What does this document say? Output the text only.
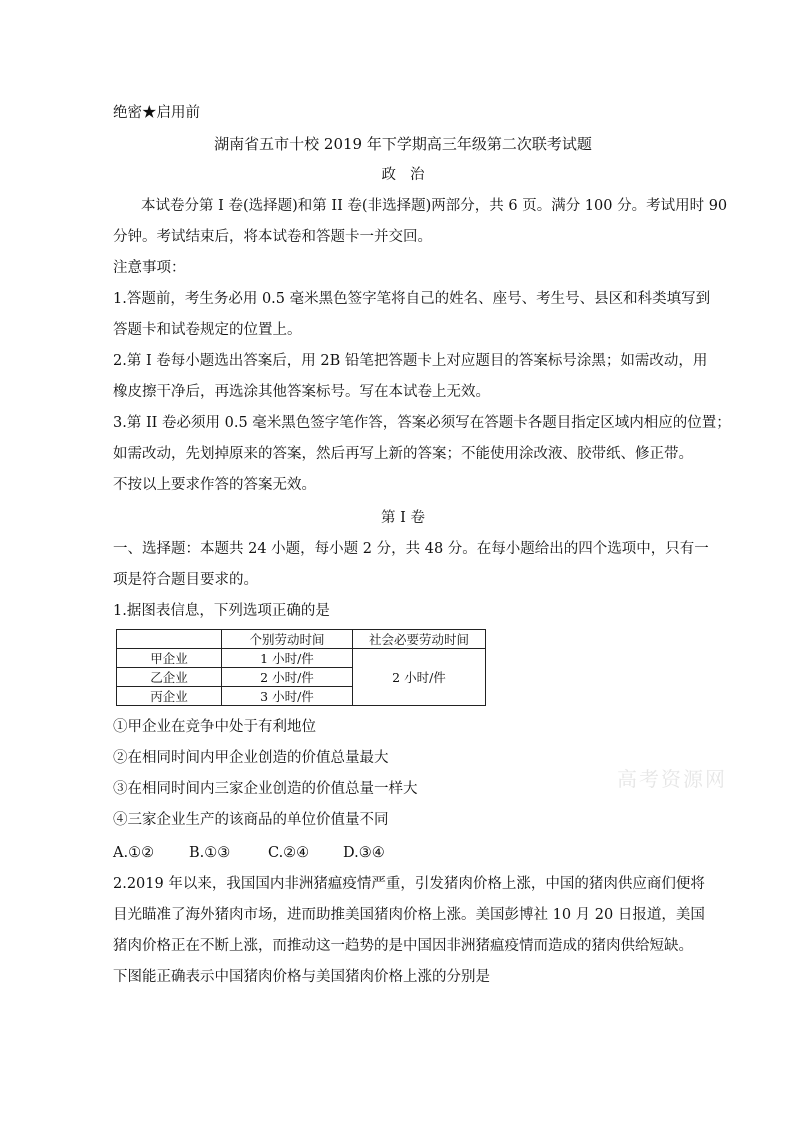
绝密★启用前
湖南省五市十校 2019 年下学期高三年级第二次联考试题
政治
本试卷分第 I 卷(选择题)和第 II 卷(非选择题)两部分，共 6 页。满分 100 分。考试用时 90
分钟。考试结束后，将本试卷和答题卡一并交回。
注意事项：
1.答题前，考生务必用 0.5 毫米黑色签字笔将自己的姓名、座号、考生号、县区和科类填写到
答题卡和试卷规定的位置上。
2.第 I 卷每小题选出答案后，用 2B 铅笔把答题卡上对应题目的答案标号涂黑；如需改动，用
橡皮擦干净后，再选涂其他答案标号。写在本试卷上无效。
3.第 II 卷必须用 0.5 毫米黑色签字笔作答，答案必须写在答题卡各题目指定区域内相应的位置；
如需改动，先划掉原来的答案，然后再写上新的答案；不能使用涂改液、胶带纸、修正带。
不按以上要求作答的答案无效。
第 I 卷
一、选择题：本题共 24 小题，每小题 2 分，共 48 分。在每小题给出的四个选项中，只有一
项是符合题目要求的。
1.据图表信息，下列选项正确的是
	个别劳动时间	社会必要劳动时间
甲企业	1 小时/件	2 小时/件
乙企业	2 小时/件	
丙企业	3 小时/件	
①甲企业在竞争中处于有利地位
②在相同时间内甲企业创造的价值总量最大
③在相同时间内三家企业创造的价值总量一样大
④三家企业生产的该商品的单位价值量不同
A.①② B.①③	C.②④ D.③④
2.2019 年以来，我国国内非洲猪瘟疫情严重，引发猪肉价格上涨，中国的猪肉供应商们便将
目光瞄准了海外猪肉市场，进而助推美国猪肉价格上涨。美国彭博社 10 月 20 日报道，美国
猪肉价格正在不断上涨，而推动这一趋势的是中国因非洲猪瘟疫情而造成的猪肉供给短缺。
下图能正确表示中国猪肉价格与美国猪肉价格上涨的分别是
高考资源网
